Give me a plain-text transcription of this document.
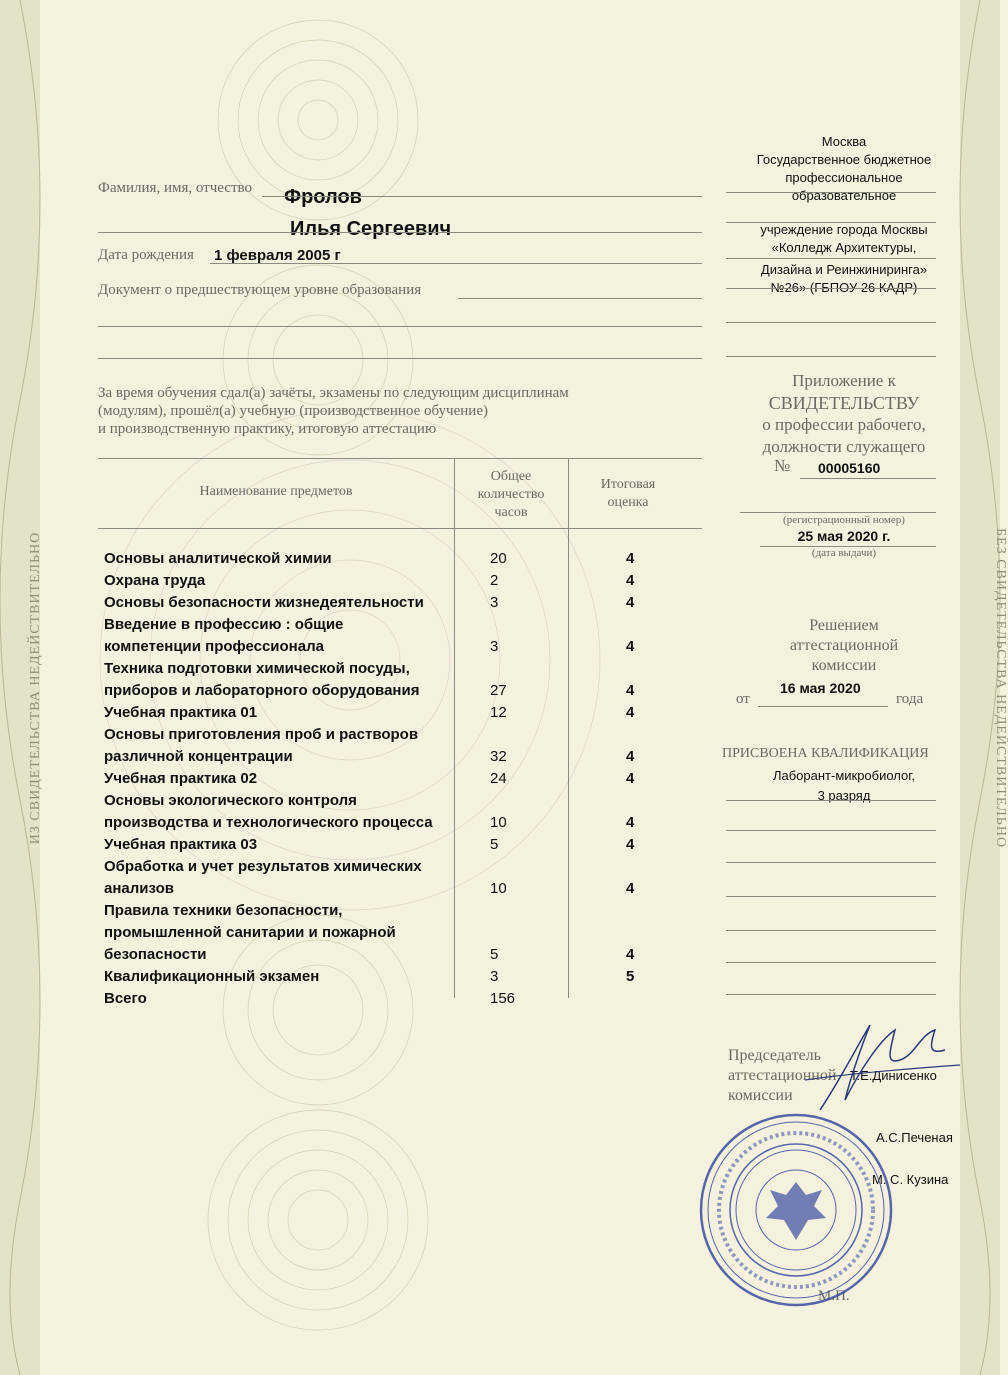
ИЗ СВИДЕТЕЛЬСТВА НЕДЕЙСТВИТЕЛЬНО	БЕЗ СВИДЕТЕЛЬСТВА НЕДЕЙСТВИТЕЛЬНО
Фамилия, имя, отчество Фролов
Илья Сергеевич
Дата рождения 1 февраля 2005 г
Документ о предшествующем уровне образования
За время обучения сдал(а) зачёты, экзамены по следующим дисциплинам
(модулям), прошёл(а) учебную (производственное обучение)
и производственную практику, итоговую аттестацию
Наименование предметов
Общее
количество
часов
Итоговая
оценка
Основы аналитической химии	20	4
Охрана труда	2	4
Основы безопасности жизнедеятельности	3	4
Введение в профессию : общие
компетенции профессионала	3	4
Техника подготовки химической посуды,
приборов и лабораторного оборудования	27	4
Учебная практика 01	12	4
Основы приготовления проб и растворов
различной концентрации	32	4
Учебная практика 02	24	4
Основы экологического контроля
производства и технологического процесса	10	4
Учебная практика 03	5	4
Обработка и учет результатов химических
анализов	10	4
Правила техники безопасности,
промышленной санитарии и пожарной
безопасности	5	4
Квалификационный экзамен	3	5
Всего	156
Москва
Государственное бюджетное
профессиональное
образовательное
учреждение города Москвы
«Колледж Архитектуры,
Дизайна и Реинжиниринга»
№26» (ГБПОУ 26 КАДР)
Приложение к
СВИДЕТЕЛЬСТВУ
о профессии рабочего,
должности служащего
№ 00005160
(регистрационный номер)
25 мая 2020 г.
(дата выдачи)
Решением
аттестационной
комиссии
от
16 мая 2020
года
ПРИСВОЕНА КВАЛИФИКАЦИЯ
Лаборант-микробиолог,
3 разряд
Председатель
аттестационной
комиссии
Т.Е.Динисенко
А.С.Печеная
М. С. Кузина
М.П.
